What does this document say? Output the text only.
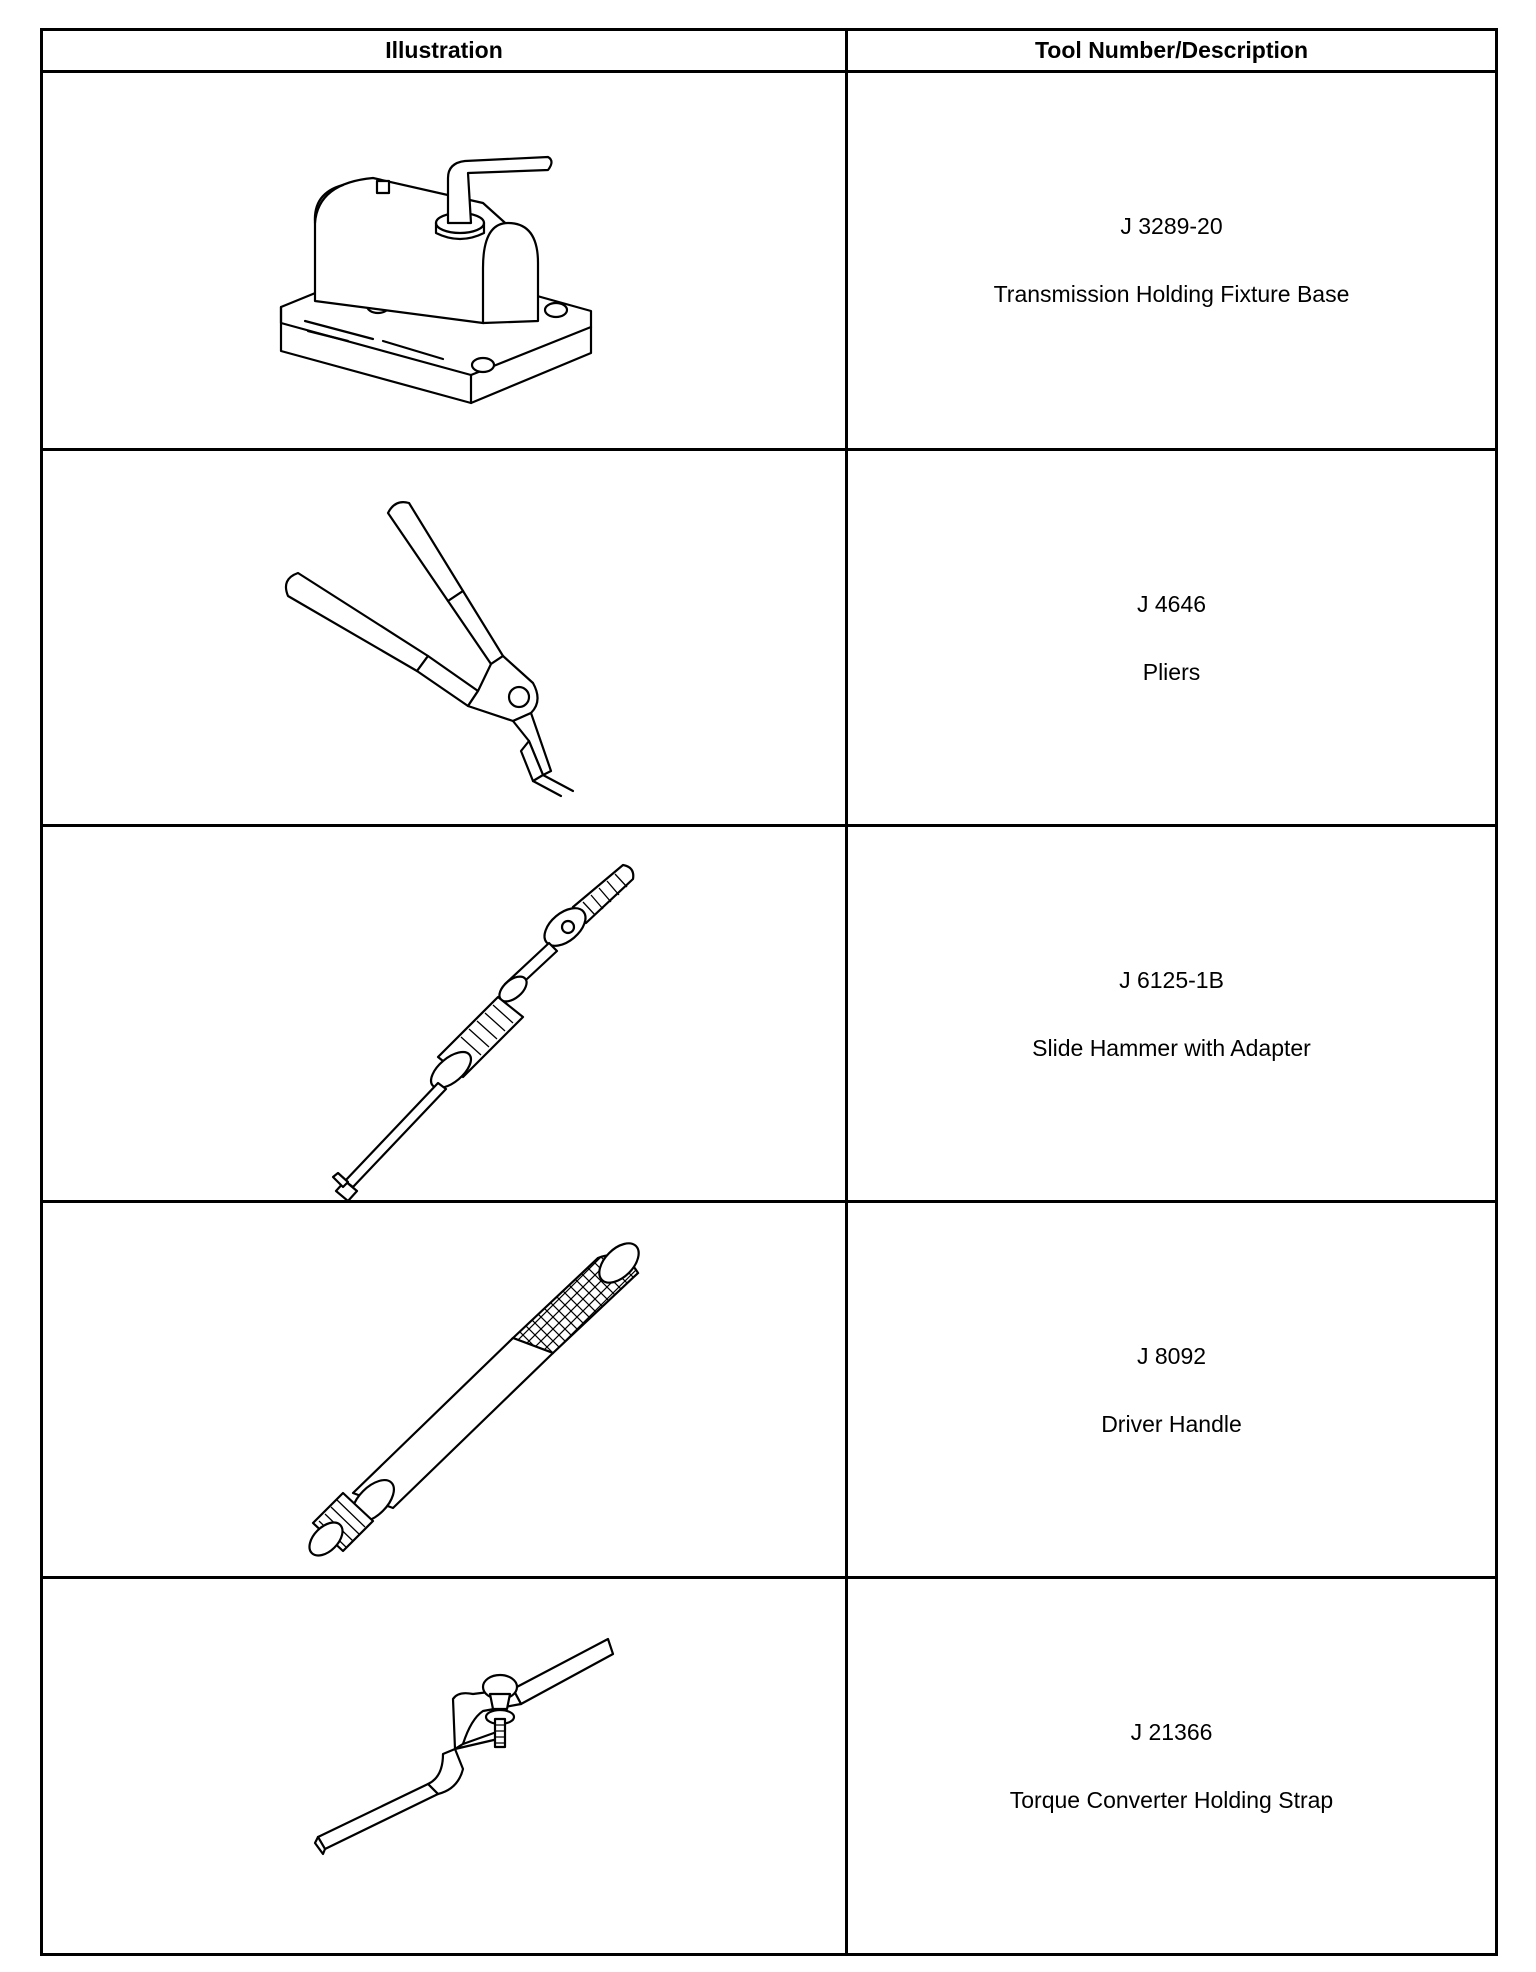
Illustration	Tool Number/Description
J 3289-20
Transmission Holding Fixture Base
J 4646
Pliers
J 6125-1B
Slide Hammer with Adapter
J 8092
Driver Handle
J 21366
Torque Converter Holding Strap
